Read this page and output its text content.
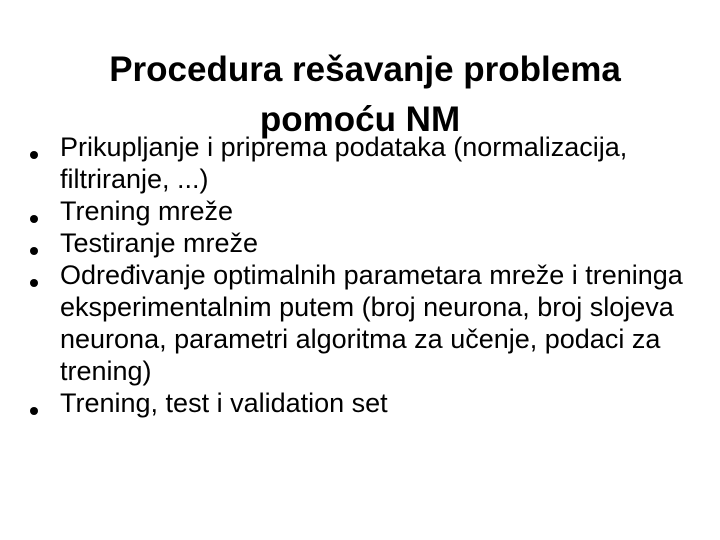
Procedura rešavanje problema
pomoću NM
Prikupljanje i priprema podataka (normalizacija, filtriranje, ...)
Trening mreže
Testiranje mreže
Određivanje optimalnih parametara mreže i treninga eksperimentalnim putem (broj neurona, broj slojeva neurona, parametri algoritma za učenje, podaci za trening)
Trening, test i validation set
